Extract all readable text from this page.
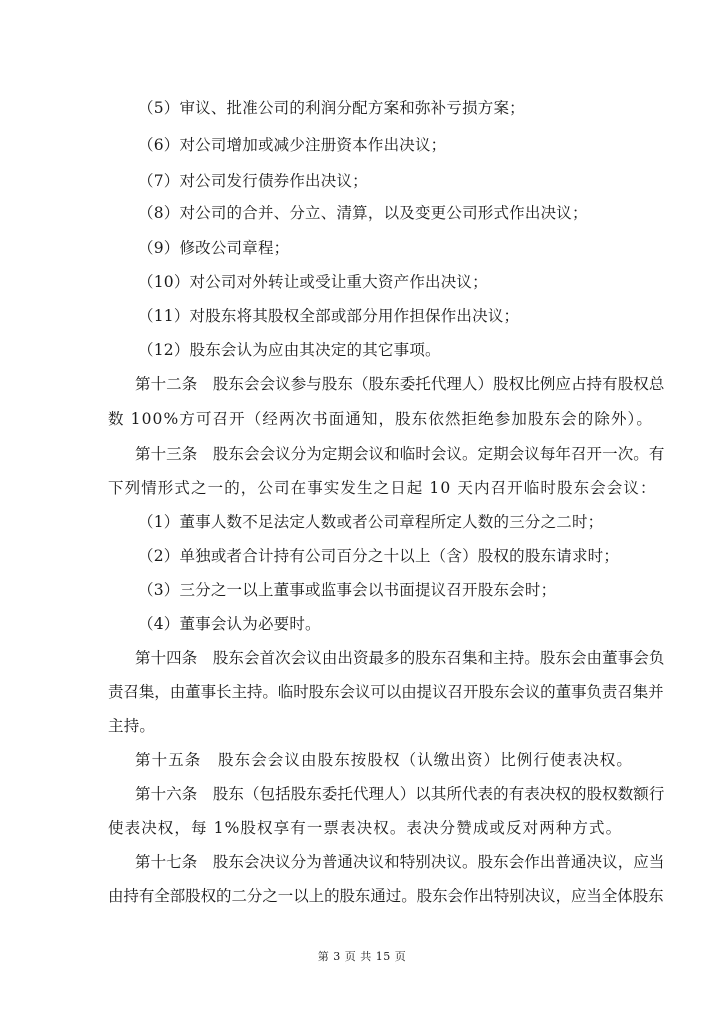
（5）审议、批准公司的利润分配方案和弥补亏损方案；
（6）对公司增加或减少注册资本作出决议；
（7）对公司发行债券作出决议；
（8）对公司的合并、分立、清算，以及变更公司形式作出决议；
（9）修改公司章程；
（10）对公司对外转让或受让重大资产作出决议；
（11）对股东将其股权全部或部分用作担保作出决议；
（12）股东会认为应由其决定的其它事项。
第十二条　股东会会议参与股东（股东委托代理人）股权比例应占持有股权总
数 100%方可召开（经两次书面通知，股东依然拒绝参加股东会的除外）。
第十三条　股东会会议分为定期会议和临时会议。定期会议每年召开一次。有
下列情形式之一的，公司在事实发生之日起 10 天内召开临时股东会会议：
（1）董事人数不足法定人数或者公司章程所定人数的三分之二时；
（2）单独或者合计持有公司百分之十以上（含）股权的股东请求时；
（3）三分之一以上董事或监事会以书面提议召开股东会时；
（4）董事会认为必要时。
第十四条　股东会首次会议由出资最多的股东召集和主持。股东会由董事会负
责召集，由董事长主持。临时股东会议可以由提议召开股东会议的董事负责召集并
主持。
第十五条　股东会会议由股东按股权（认缴出资）比例行使表决权。
第十六条　股东（包括股东委托代理人）以其所代表的有表决权的股权数额行
使表决权，每 1%股权享有一票表决权。表决分赞成或反对两种方式。
第十七条　股东会决议分为普通决议和特别决议。股东会作出普通决议，应当
由持有全部股权的二分之一以上的股东通过。股东会作出特别决议，应当全体股东
第 3 页 共 15 页
